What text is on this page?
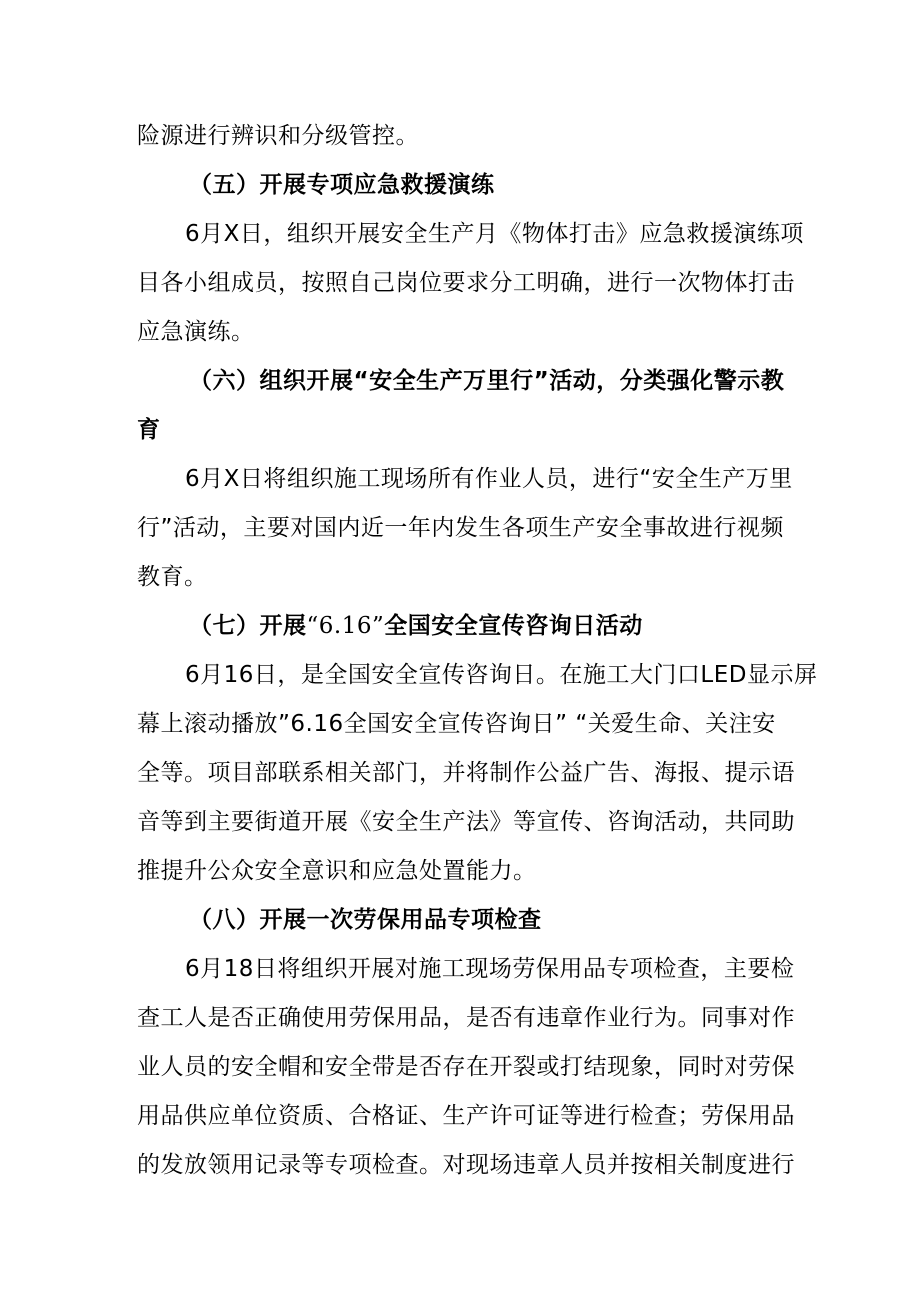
险源进行辨识和分级管控。
（五）开展专项应急救援演练
6月X日，组织开展安全生产月《物体打击》应急救援演练项
目各小组成员，按照自己岗位要求分工明确，进行一次物体打击
应急演练。
（六）组织开展“安全生产万里行”活动，分类强化警示教
育
6月X日将组织施工现场所有作业人员，进行“安全生产万里
行”活动，主要对国内近一年内发生各项生产安全事故进行视频
教育。
（七）开展“6.16”全国安全宣传咨询日活动
6月16日，是全国安全宣传咨询日。在施工大门口LED显示屏
幕上滚动播放”6.16全国安全宣传咨询日” “关爱生命、关注安
全等。项目部联系相关部门，并将制作公益广告、海报、提示语
音等到主要街道开展《安全生产法》等宣传、咨询活动，共同助
推提升公众安全意识和应急处置能力。
（八）开展一次劳保用品专项检查
6月18日将组织开展对施工现场劳保用品专项检查，主要检
查工人是否正确使用劳保用品，是否有违章作业行为。同事对作
业人员的安全帽和安全带是否存在开裂或打结现象，同时对劳保
用品供应单位资质、合格证、生产许可证等进行检查；劳保用品
的发放领用记录等专项检查。对现场违章人员并按相关制度进行
